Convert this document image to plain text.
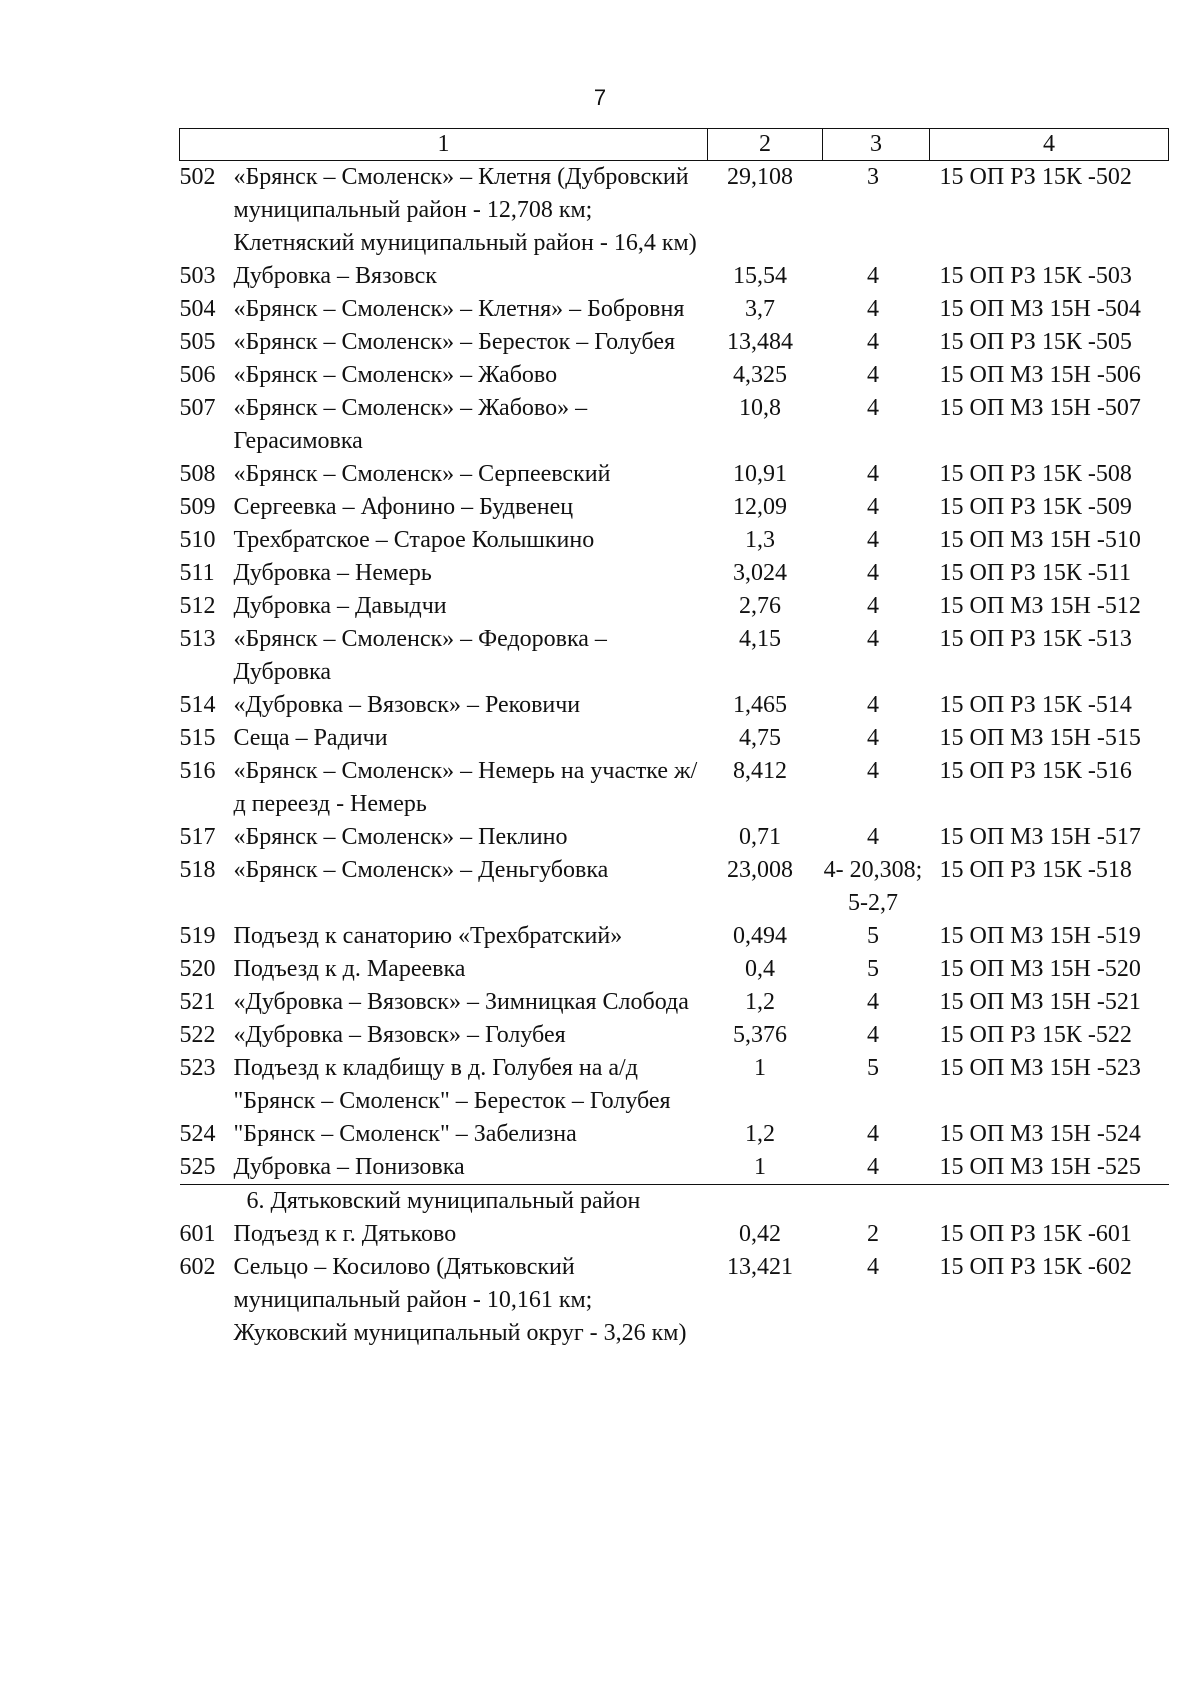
7
1	2	3	4
502 «Брянск – Смоленск» – Клетня (Дубровский муниципальный район - 12,708 км; Клетняский муниципальный район - 16,4 км)	29,108	3	15 ОП РЗ 15К -502
503 Дубровка – Вязовск	15,54	4	15 ОП РЗ 15К -503
504 «Брянск – Смоленск» – Клетня» – Бобровня	3,7	4	15 ОП МЗ 15Н -504
505 «Брянск – Смоленск» – Бересток – Голубея	13,484	4	15 ОП РЗ 15К -505
506 «Брянск – Смоленск» – Жабово	4,325	4	15 ОП МЗ 15Н -506
507 «Брянск – Смоленск» – Жабово» – Герасимовка	10,8	4	15 ОП МЗ 15Н -507
508 «Брянск – Смоленск» – Серпеевский	10,91	4	15 ОП РЗ 15К -508
509 Сергеевка – Афонино – Будвенец	12,09	4	15 ОП РЗ 15К -509
510 Трехбратское – Старое Колышкино	1,3	4	15 ОП МЗ 15Н -510
511 Дубровка – Немерь	3,024	4	15 ОП РЗ 15К -511
512 Дубровка – Давыдчи	2,76	4	15 ОП МЗ 15Н -512
513 «Брянск – Смоленск» – Федоровка – Дубровка	4,15	4	15 ОП РЗ 15К -513
514 «Дубровка – Вязовск» – Рековичи	1,465	4	15 ОП РЗ 15К -514
515 Сеща – Радичи	4,75	4	15 ОП МЗ 15Н -515
516 «Брянск – Смоленск» – Немерь на участке ж/д переезд - Немерь	8,412	4	15 ОП РЗ 15К -516
517 «Брянск – Смоленск» – Пеклино	0,71	4	15 ОП МЗ 15Н -517
518 «Брянск – Смоленск» – Деньгубовка	23,008	4- 20,308; 5-2,7	15 ОП РЗ 15К -518
519 Подъезд к санаторию «Трехбратский»	0,494	5	15 ОП МЗ 15Н -519
520 Подъезд к д. Мареевка	0,4	5	15 ОП МЗ 15Н -520
521 «Дубровка – Вязовск» – Зимницкая Слобода	1,2	4	15 ОП МЗ 15Н -521
522 «Дубровка – Вязовск» – Голубея	5,376	4	15 ОП РЗ 15К -522
523 Подъезд к кладбищу в д. Голубея на а/д "Брянск – Смоленск" – Бересток – Голубея	1	5	15 ОП МЗ 15Н -523
524 "Брянск – Смоленск" – Забелизна	1,2	4	15 ОП МЗ 15Н -524
525 Дубровка – Понизовка	1	4	15 ОП МЗ 15Н -525
6. Дятьковский муниципальный район			
601 Подъезд к г. Дятьково	0,42	2	15 ОП РЗ 15К -601
602 Сельцо – Косилово (Дятьковский муниципальный район - 10,161 км; Жуковский муниципальный округ - 3,26 км)	13,421	4	15 ОП РЗ 15К -602
